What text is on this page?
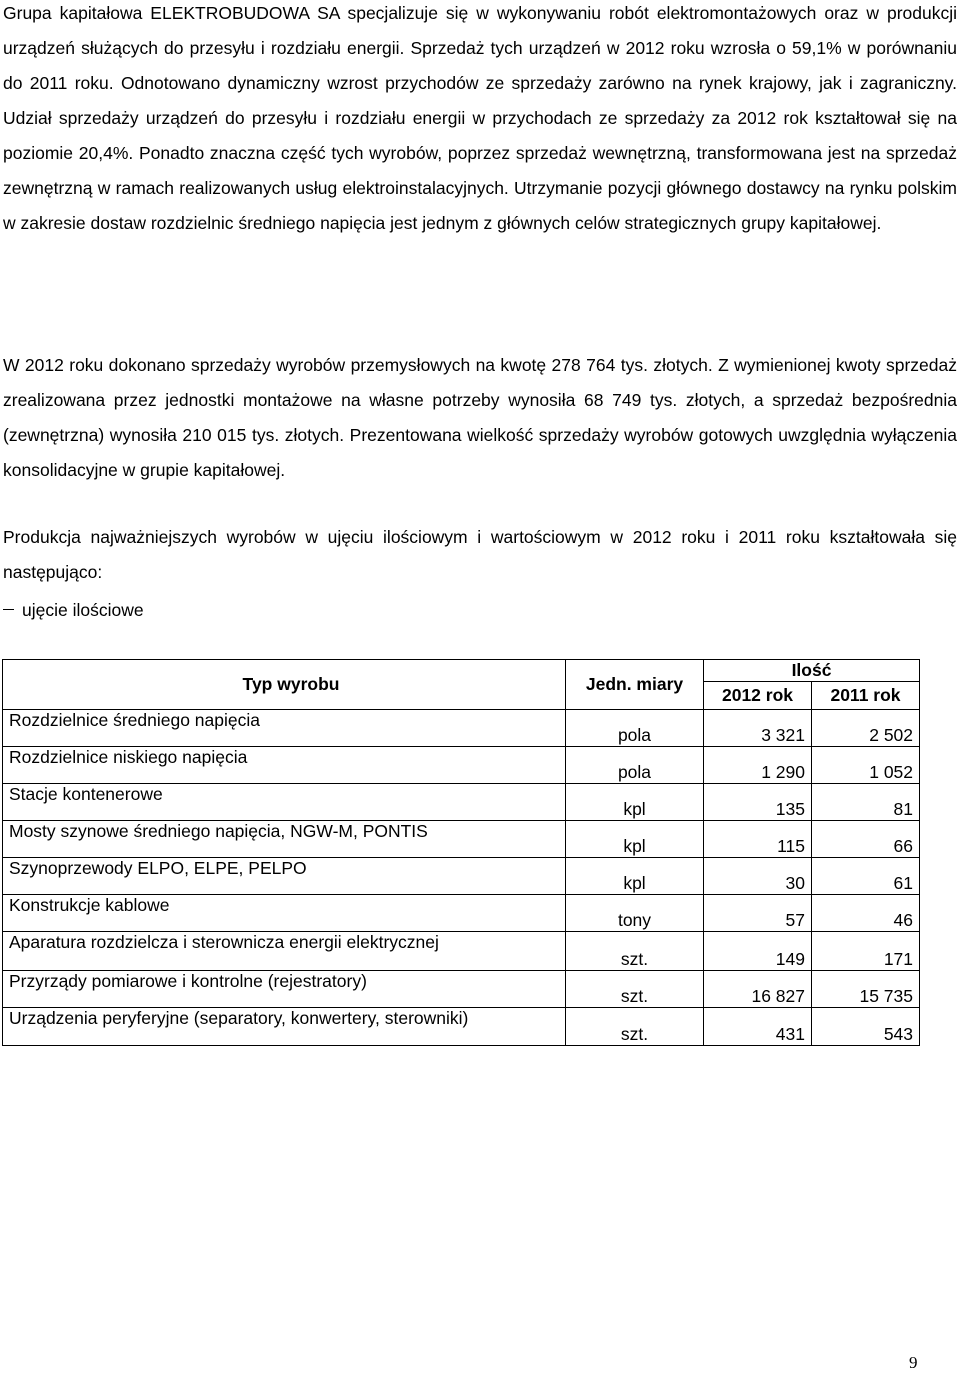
Grupa kapitałowa ELEKTROBUDOWA SA specjalizuje się w wykonywaniu robót elektromontażowych oraz w produkcji urządzeń służących do przesyłu i rozdziału energii. Sprzedaż tych urządzeń w 2012 roku wzrosła o 59,1% w porównaniu do 2011 roku. Odnotowano dynamiczny wzrost przychodów ze sprzedaży zarówno na rynek krajowy, jak i zagraniczny. Udział sprzedaży urządzeń do przesyłu i rozdziału energii w przychodach ze sprzedaży za 2012 rok kształtował się na poziomie 20,4%. Ponadto znaczna część tych wyrobów, poprzez sprzedaż wewnętrzną, transformowana jest na sprzedaż zewnętrzną w ramach realizowanych usług elektroinstalacyjnych. Utrzymanie pozycji głównego dostawcy na rynku polskim w zakresie dostaw rozdzielnic średniego napięcia jest jednym z głównych celów strategicznych grupy kapitałowej.

W 2012 roku dokonano sprzedaży wyrobów przemysłowych na kwotę 278 764 tys. złotych. Z wymienionej kwoty sprzedaż zrealizowana przez jednostki montażowe na własne potrzeby wynosiła 68 749 tys. złotych, a sprzedaż bezpośrednia (zewnętrzna) wynosiła 210 015 tys. złotych. Prezentowana wielkość sprzedaży wyrobów gotowych uwzględnia wyłączenia konsolidacyjne w grupie kapitałowej.

Produkcja najważniejszych wyrobów w ujęciu ilościowym i wartościowym w 2012 roku i 2011 roku kształtowała się następująco:

ujęcie ilościowe
Typ wyrobu	Jedn. miary	Ilość	
		2012 rok	2011 rok
Rozdzielnice średniego napięcia	pola	3 321	2 502
Rozdzielnice niskiego napięcia	pola	1 290	1 052
Stacje kontenerowe	kpl	135	81
Mosty szynowe średniego napięcia, NGW-M, PONTIS	kpl	115	66
Szynoprzewody ELPO, ELPE, PELPO	kpl	30	61
Konstrukcje kablowe	tony	57	46
Aparatura rozdzielcza i sterownicza energii elektrycznej	szt.	149	171
Przyrządy pomiarowe i kontrolne (rejestratory)	szt.	16 827	15 735
Urządzenia peryferyjne (separatory, konwertery, sterowniki)	szt.	431	543
9
